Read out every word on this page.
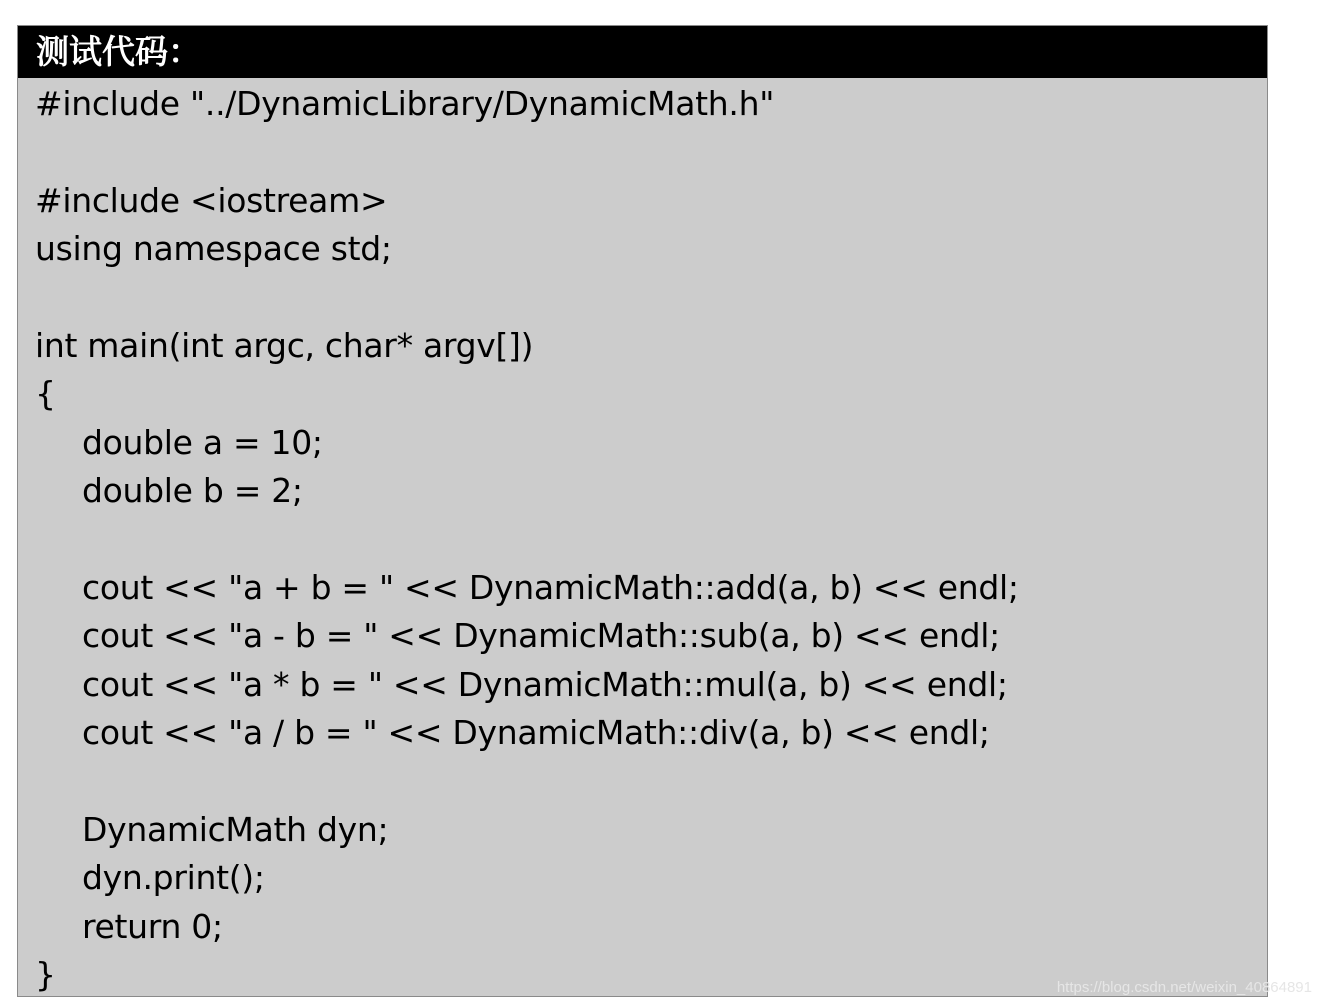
测试代码：
#include "../DynamicLibrary/DynamicMath.h"
#include <iostream>
using namespace std;
int main(int argc, char* argv[])
{
double a = 10;
double b = 2;
cout << "a + b = " << DynamicMath::add(a, b) << endl;
cout << "a - b = " << DynamicMath::sub(a, b) << endl;
cout << "a * b = " << DynamicMath::mul(a, b) << endl;
cout << "a / b = " << DynamicMath::div(a, b) << endl;
DynamicMath dyn;
dyn.print();
return 0;
}	https://blog.csdn.net/weixin_40864891
